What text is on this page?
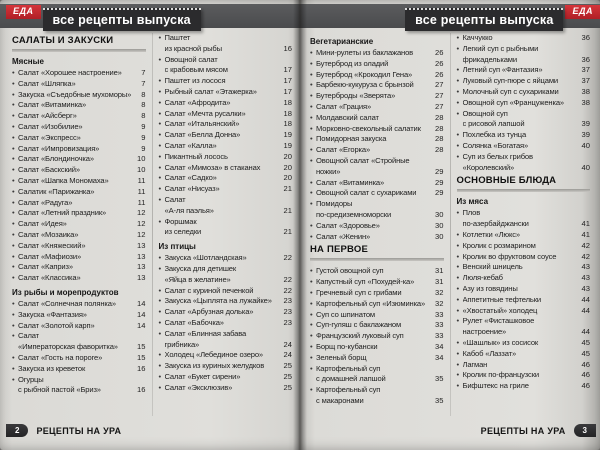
ЕДА
все рецепты выпуска
САЛАТЫ И ЗАКУСКИ
Мясные
• Салат «Хорошее настроение»	7
• Салат «Шляпка»	7
• Закуска «Съедобные мухоморы»	8
• Салат «Витаминка»	8
• Салат «Айсберг»	8
• Салат «Изобилие»	9
• Салат «Экспресс»	9
• Салат «Импровизация»	9
• Салат «Блондиночка»	10
• Салат «Баскский»	10
• Салат «Шапка Мономаха»	11
• Салатик «Парижанка»	11
• Салат «Радуга»	11
• Салат «Летний праздник»	12
• Салат «Идея»	12
• Салат «Мозаика»	12
• Салат «Княжеский»	13
• Салат «Мафиози»	13
• Салат «Каприз»	13
• Салат «Классика»	13
Из рыбы и морепродуктов
• Салат «Солнечная полянка»	14
• Закуска «Фантазия»	14
• Салат «Золотой карп»	14
• Салат
«Императорская фаворитка»	15
• Салат «Гость на пороге»	15
• Закуска из креветок	16
• Огурцы
с рыбной пастой «Бриз»	16
• Паштет
из красной рыбы	16
• Овощной салат
с крабовым мясом	17
• Паштет из лосося	17
• Рыбный салат «Этажерка»	17
• Салат «Афродита»	18
• Салат «Мечта русалки»	18
• Салат «Итальянский»	18
• Салат «Белла Донна»	19
• Салат «Калла»	19
• Пикантный лосось	20
• Салат «Мимоза» в стаканах	20
• Салат «Садко»	20
• Салат «Нисуаз»	21
• Салат
«А-ля паэлья»	21
• Форшмак
из селедки	21
Из птицы
• Закуска «Шотландская»	22
• Закуска для детишек
«Яйца в желатине»	22
• Салат с куриной печенкой	22
• Закуска «Цыплята на лужайке»	23
• Салат «Арбузная долька»	23
• Салат «Бабочка»	23
• Салат «Блинная забава
грибника»	24
• Холодец «Лебединое озеро»	24
• Закуска из куриных желудков	25
• Салат «Букет сирени»	25
• Салат «Эксклюзив»	25
2	РЕЦЕПТЫ НА УРА
все рецепты выпуска
ЕДА
Вегетарианские
• Мини-рулеты из баклажанов	26
• Бутерброд из оладий	26
• Бутерброд «Крокодил Гена»	26
• Барбекю-кукуруза с брынзой	27
• Бутерброды «Зверята»	27
• Салат «Грация»	27
• Молдавский салат	28
• Морковно-свекольный салатик	28
• Помидорная закуска	28
• Салат «Егорка»	28
• Овощной салат «Стройные
ножки»	29
• Салат «Витаминка»	29
• Овощной салат с сухариками	29
• Помидоры
по-средиземноморски	30
• Салат «Здоровье»	30
• Салат «Женин»	30
НА ПЕРВОЕ
• Густой овощной суп	31
• Капустный суп «Похудей-ка»	31
• Гречневый суп с грибами	32
• Картофельный суп «Изюминка»	32
• Суп со шпинатом	33
• Суп-гуляш с баклажаном	33
• Французский луковый суп	33
• Борщ по-кубански	34
• Зеленый борщ	34
• Картофельный суп
с домашней лапшой	35
• Картофельный суп
с макаронами	35
• Каччукко	36
• Легкий суп с рыбными
фрикадельками	36
• Летний суп «Фантазия»	37
• Луковый суп-пюре с яйцами	37
• Молочный суп с сухариками	38
• Овощной суп «Француженка»	38
• Овощной суп
с рисовой лапшой	39
• Похлебка из тунца	39
• Солянка «Богатая»	40
• Суп из белых грибов
«Королевский»	40
ОСНОВНЫЕ БЛЮДА
Из мяса
• Плов
по-азербайджански	41
• Котлетки «Люкс»	41
• Кролик с розмарином	42
• Кролик во фруктовом соусе	42
• Венский шницель	43
• Люля-кебаб	43
• Азу из говядины	43
• Аппетитные тефтельки	44
• «Хвостатый» холодец	44
• Рулет «Фисташковое
настроение»	44
• «Шашлык» из сосисок	45
• Кабоб «Лаззат»	45
• Лагман	46
• Кролик по-французски	46
• Бифштекс на гриле	46
РЕЦЕПТЫ НА УРА	3
